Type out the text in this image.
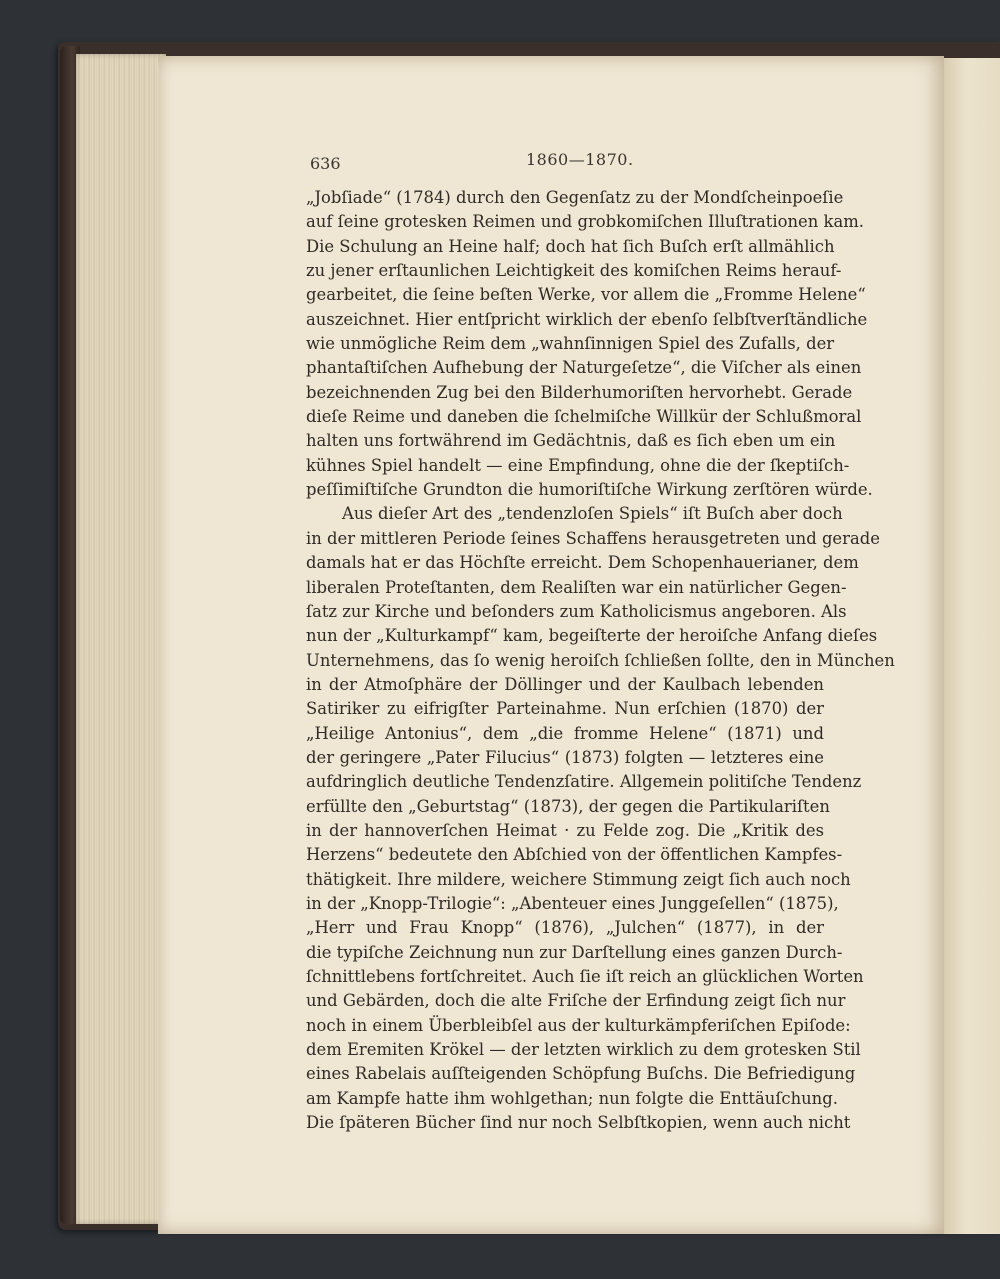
636	1860—1870.
„Jobſiade“ (1784) durch den Gegenſatz zu der Mondſcheinpoeſie
auf ſeine grotesken Reimen und grobkomiſchen Illuſtrationen kam.
Die Schulung an Heine half; doch hat ſich Buſch erſt allmählich
zu jener erſtaunlichen Leichtigkeit des komiſchen Reims herauf-
gearbeitet, die ſeine beſten Werke, vor allem die „Fromme Helene“
auszeichnet. Hier entſpricht wirklich der ebenſo ſelbſtverſtändliche
wie unmögliche Reim dem „wahnſinnigen Spiel des Zufalls, der
phantaſtiſchen Aufhebung der Naturgeſetze“, die Viſcher als einen
bezeichnenden Zug bei den Bilderhumoriſten hervorhebt. Gerade
dieſe Reime und daneben die ſchelmiſche Willkür der Schlußmoral
halten uns fortwährend im Gedächtnis, daß es ſich eben um ein
kühnes Spiel handelt — eine Empfindung, ohne die der ſkeptiſch-
peſſimiſtiſche Grundton die humoriſtiſche Wirkung zerſtören würde.
Aus dieſer Art des „tendenzloſen Spiels“ iſt Buſch aber doch
in der mittleren Periode ſeines Schaffens herausgetreten und gerade
damals hat er das Höchſte erreicht. Dem Schopenhauerianer, dem
liberalen Proteſtanten, dem Realiſten war ein natürlicher Gegen-
ſatz zur Kirche und beſonders zum Katholicismus angeboren. Als
nun der „Kulturkampf“ kam, begeiſterte der heroiſche Anfang dieſes
Unternehmens, das ſo wenig heroiſch ſchließen ſollte, den in München
in der Atmoſphäre der Döllinger und der Kaulbach lebenden
Satiriker zu eifrigſter Parteinahme. Nun erſchien (1870) der
„Heilige Antonius“, dem „die fromme Helene“ (1871) und
der geringere „Pater Filucius“ (1873) folgten — letzteres eine
aufdringlich deutliche Tendenzſatire. Allgemein politiſche Tendenz
erfüllte den „Geburtstag“ (1873), der gegen die Partikulariſten
in der hannoverſchen Heimat · zu Felde zog. Die „Kritik des
Herzens“ bedeutete den Abſchied von der öffentlichen Kampfes-
thätigkeit. Ihre mildere, weichere Stimmung zeigt ſich auch noch
in der „Knopp-Trilogie“: „Abenteuer eines Junggeſellen“ (1875),
„Herr und Frau Knopp“ (1876), „Julchen“ (1877), in der
die typiſche Zeichnung nun zur Darſtellung eines ganzen Durch-
ſchnittlebens fortſchreitet. Auch ſie iſt reich an glücklichen Worten
und Gebärden, doch die alte Friſche der Erfindung zeigt ſich nur
noch in einem Überbleibſel aus der kulturkämpferiſchen Epiſode:
dem Eremiten Krökel — der letzten wirklich zu dem grotesken Stil
eines Rabelais auſſteigenden Schöpfung Buſchs. Die Befriedigung
am Kampfe hatte ihm wohlgethan; nun folgte die Enttäuſchung.
Die ſpäteren Bücher ſind nur noch Selbſtkopien, wenn auch nicht
